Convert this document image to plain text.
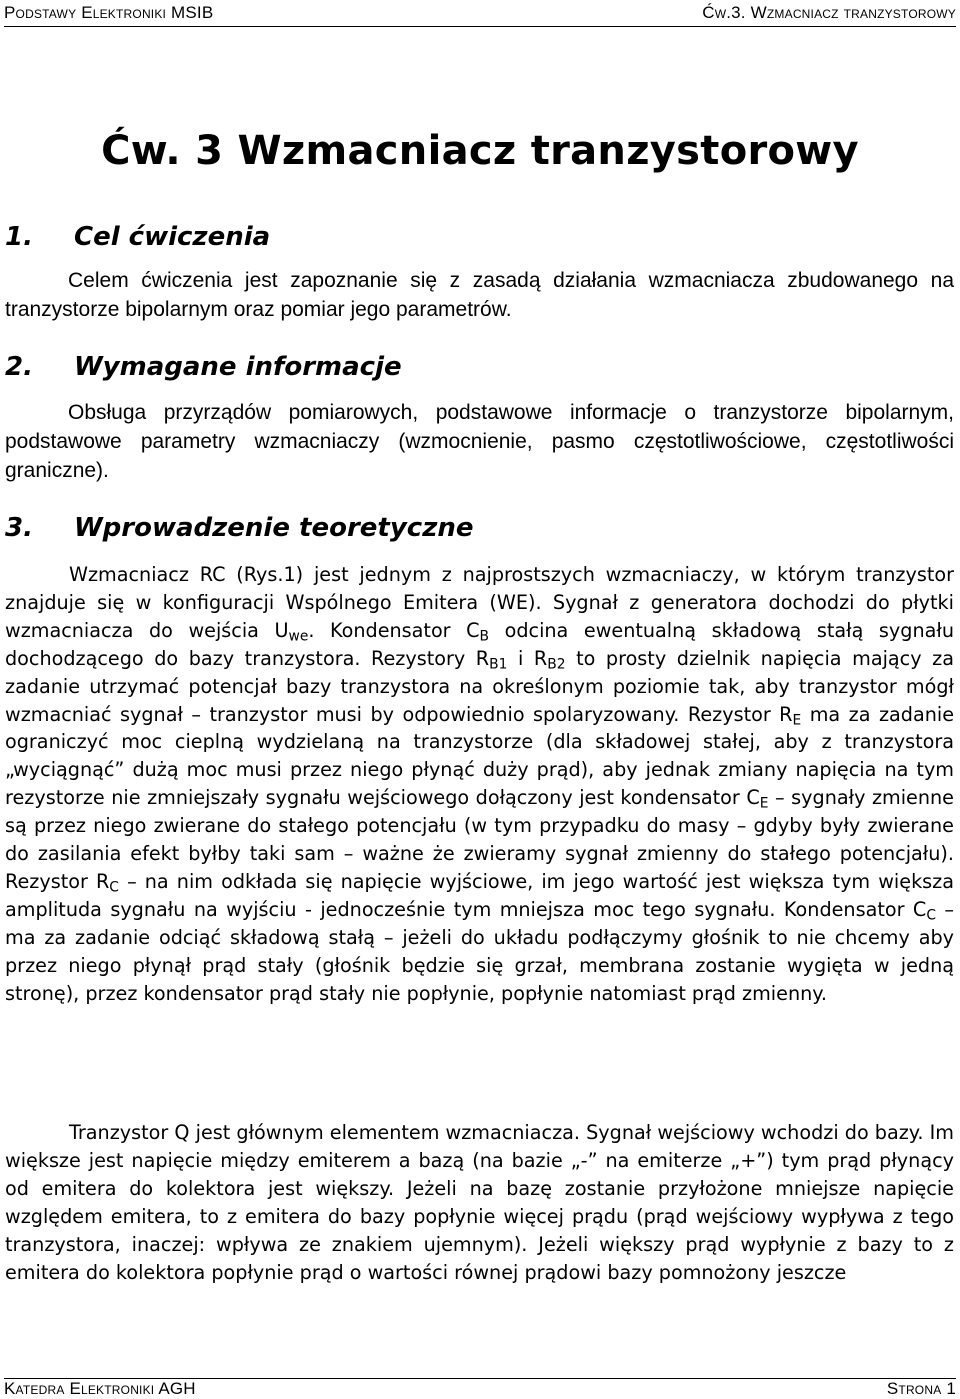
Podstawy Elektroniki MSIB	Ćw.3. Wzmacniacz tranzystorowy
Ćw. 3 Wzmacniacz tranzystorowy
1. Cel ćwiczenia

Celem ćwiczenia jest zapoznanie się z zasadą działania wzmacniacza zbudowanego na tranzystorze bipolarnym oraz pomiar jego parametrów.

2. Wymagane informacje

Obsługa przyrządów pomiarowych, podstawowe informacje o tranzystorze bipolarnym, podstawowe parametry wzmacniaczy (wzmocnienie, pasmo częstotliwościowe, częstotliwości graniczne).

3. Wprowadzenie teoretyczne

Wzmacniacz RC (Rys.1) jest jednym z najprostszych wzmacniaczy, w którym tranzystor znajduje się w konfiguracji Wspólnego Emitera (WE). Sygnał z generatora dochodzi do płytki wzmacniacza do wejścia $U_{we}$. Kondensator $C_B$ odcina ewentualną składową stałą sygnału dochodzącego do bazy tranzystora. Rezystory $R_{B1}$ i $R_{B2}$ to prosty dzielnik napięcia mający za zadanie utrzymać potencjał bazy tranzystora na określonym poziomie tak, aby tranzystor mógł wzmacniać sygnał – tranzystor musi by odpowiednio spolaryzowany. Rezystor $R_E$ ma za zadanie ograniczyć moc cieplną wydzielaną na tranzystorze (dla składowej stałej, aby z tranzystora „wyciągnąć” dużą moc musi przez niego płynąć duży prąd), aby jednak zmiany napięcia na tym rezystorze nie zmniejszały sygnału wejściowego dołączony jest kondensator $C_E$ – sygnały zmienne są przez niego zwierane do stałego potencjału (w tym przypadku do masy – gdyby były zwierane do zasilania efekt byłby taki sam – ważne że zwieramy sygnał zmienny do stałego potencjału). Rezystor $R_C$ – na nim odkłada się napięcie wyjściowe, im jego wartość jest większa tym większa amplituda sygnału na wyjściu - jednocześnie tym mniejsza moc tego sygnału. Kondensator $C_C$ – ma za zadanie odciąć składową stałą – jeżeli do układu podłączymy głośnik to nie chcemy aby przez niego płynął prąd stały (głośnik będzie się grzał, membrana zostanie wygięta w jedną stronę), przez kondensator prąd stały nie popłynie, popłynie natomiast prąd zmienny.

Tranzystor Q jest głównym elementem wzmacniacza. Sygnał wejściowy wchodzi do bazy. Im większe jest napięcie między emiterem a bazą (na bazie „-” na emiterze „+”) tym prąd płynący od emitera do kolektora jest większy. Jeżeli na bazę zostanie przyłożone mniejsze napięcie względem emitera, to z emitera do bazy popłynie więcej prądu (prąd wejściowy wypływa z tego tranzystora, inaczej: wpływa ze znakiem ujemnym). Jeżeli większy prąd wypłynie z bazy to z emitera do kolektora popłynie prąd o wartości równej prądowi bazy pomnożony jeszcze

Katedra Elektroniki AGH	Strona 1
